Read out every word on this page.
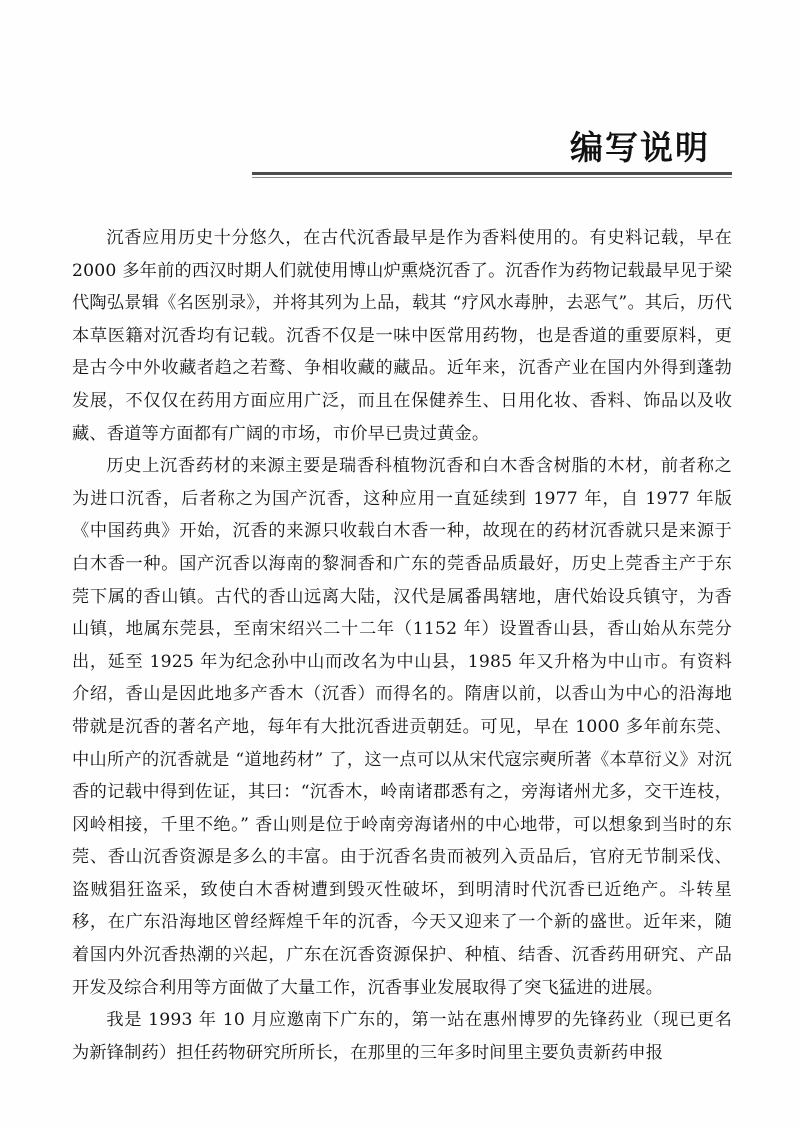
编写说明

沉香应用历史十分悠久，在古代沉香最早是作为香料使用的。有史料记载，早在 2000 多年前的西汉时期人们就使用博山炉熏烧沉香了。沉香作为药物记载最早见于梁代陶弘景辑《名医别录》，并将其列为上品，载其 “疗风水毒肿，去恶气”。其后，历代本草医籍对沉香均有记载。沉香不仅是一味中医常用药物，也是香道的重要原料，更是古今中外收藏者趋之若鹜、争相收藏的藏品。近年来，沉香产业在国内外得到蓬勃发展，不仅仅在药用方面应用广泛，而且在保健养生、日用化妆、香料、饰品以及收藏、香道等方面都有广阔的市场，市价早已贵过黄金。

历史上沉香药材的来源主要是瑞香科植物沉香和白木香含树脂的木材，前者称之为进口沉香，后者称之为国产沉香，这种应用一直延续到 1977 年，自 1977 年版《中国药典》开始，沉香的来源只收载白木香一种，故现在的药材沉香就只是来源于白木香一种。国产沉香以海南的黎洞香和广东的莞香品质最好，历史上莞香主产于东莞下属的香山镇。古代的香山远离大陆，汉代是属番禺辖地，唐代始设兵镇守，为香山镇，地属东莞县，至南宋绍兴二十二年（1152 年）设置香山县，香山始从东莞分出，延至 1925 年为纪念孙中山而改名为中山县，1985 年又升格为中山市。有资料介绍，香山是因此地多产香木（沉香）而得名的。隋唐以前，以香山为中心的沿海地带就是沉香的著名产地，每年有大批沉香进贡朝廷。可见，早在 1000 多年前东莞、中山所产的沉香就是 “道地药材” 了，这一点可以从宋代寇宗奭所著《本草衍义》对沉香的记载中得到佐证，其曰：“沉香木，岭南诸郡悉有之，旁海诸州尤多，交干连枝，冈岭相接，千里不绝。” 香山则是位于岭南旁海诸州的中心地带，可以想象到当时的东莞、香山沉香资源是多么的丰富。由于沉香名贵而被列入贡品后，官府无节制采伐、盗贼猖狂盗采，致使白木香树遭到毁灭性破坏，到明清时代沉香已近绝产。斗转星移，在广东沿海地区曾经辉煌千年的沉香，今天又迎来了一个新的盛世。近年来，随着国内外沉香热潮的兴起，广东在沉香资源保护、种植、结香、沉香药用研究、产品开发及综合利用等方面做了大量工作，沉香事业发展取得了突飞猛进的进展。

我是 1993 年 10 月应邀南下广东的，第一站在惠州博罗的先锋药业（现已更名为新锋制药）担任药物研究所所长，在那里的三年多时间里主要负责新药申报
